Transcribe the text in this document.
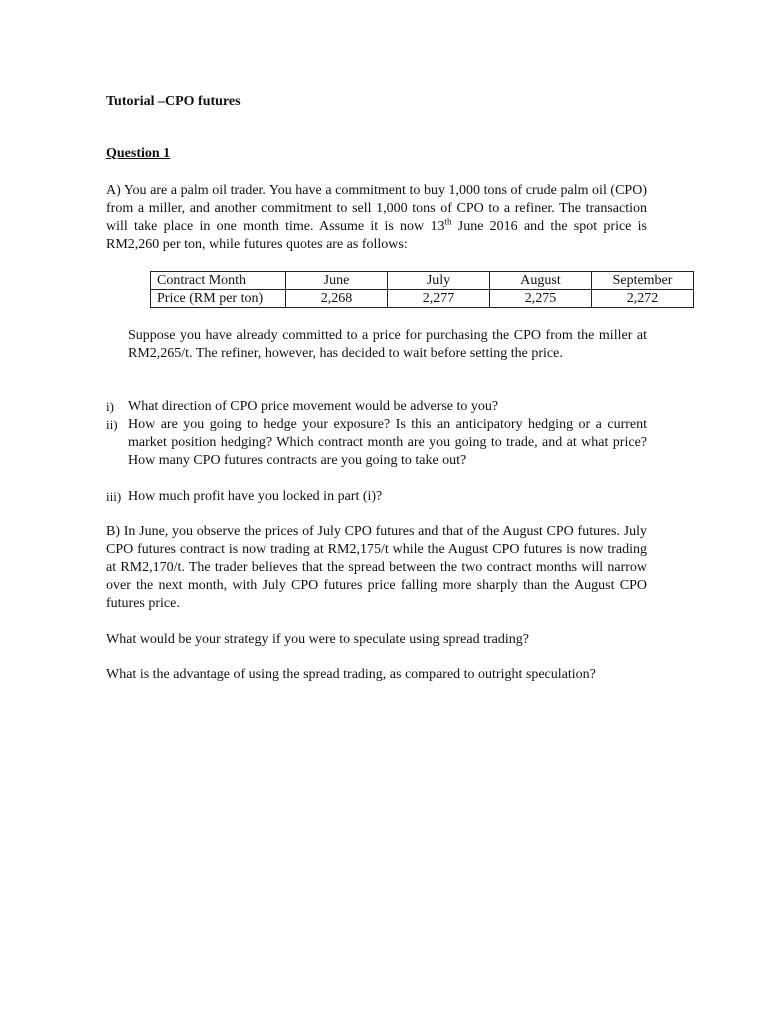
Tutorial –CPO futures

Question 1

A) You are a palm oil trader. You have a commitment to buy 1,000 tons of crude palm oil (CPO) from a miller, and another commitment to sell 1,000 tons of CPO to a refiner. The transaction will take place in one month time. Assume it is now 13th June 2016 and the spot price is RM2,260 per ton, while futures quotes are as follows:

Contract Month	June	July	August	September
Price (RM per ton)	2,268	2,277	2,275	2,272

Suppose you have already committed to a price for purchasing the CPO from the miller at RM2,265/t. The refiner, however, has decided to wait before setting the price.

i) What direction of CPO price movement would be adverse to you?
ii) How are you going to hedge your exposure? Is this an anticipatory hedging or a current market position hedging? Which contract month are you going to trade, and at what price? How many CPO futures contracts are you going to take out?
iii) How much profit have you locked in part (i)?

B) In June, you observe the prices of July CPO futures and that of the August CPO futures. July CPO futures contract is now trading at RM2,175/t while the August CPO futures is now trading at RM2,170/t. The trader believes that the spread between the two contract months will narrow over the next month, with July CPO futures price falling more sharply than the August CPO futures price.

What would be your strategy if you were to speculate using spread trading?

What is the advantage of using the spread trading, as compared to outright speculation?
